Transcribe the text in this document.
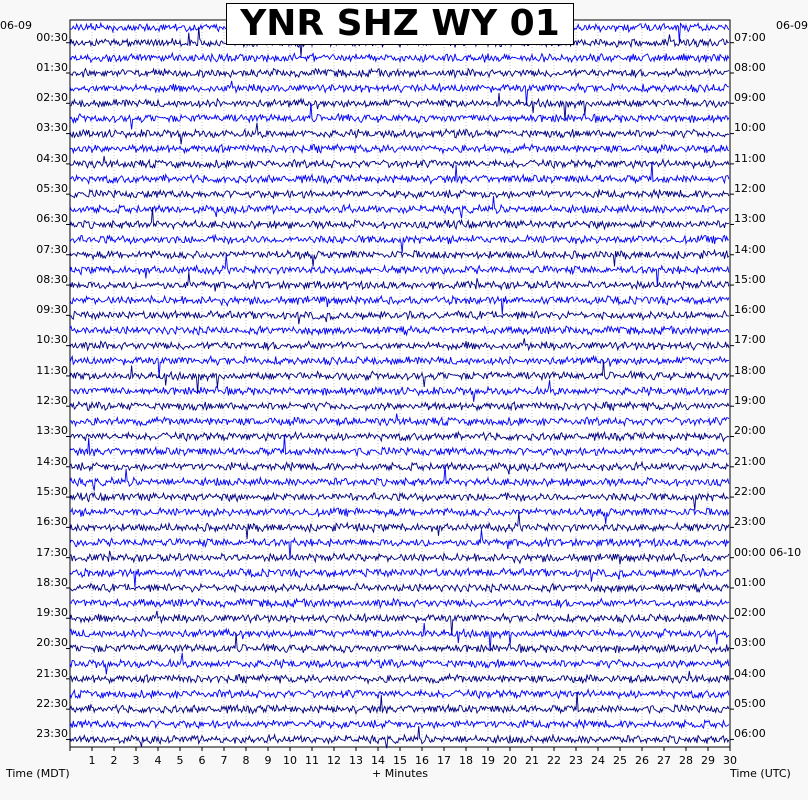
YNR SHZ WY 01
06-09	06-09
00:30
01:30
02:30
03:30
04:30
05:30
06:30
07:30
08:30
09:30
10:30
11:30
12:30
13:30
14:30
15:30
16:30
17:30
18:30
19:30
20:30
21:30
22:30
23:30
07:00
08:00
09:00
10:00
11:00
12:00
13:00
14:00
15:00
16:00
17:00
18:00
19:00
20:00
21:00
22:00
23:00
00:00 06-10
01:00
02:00
03:00
04:00
05:00
06:00
1	2	3	4	5	6	7	8	9	10 11 12 13 14 15 16 17 18 19 20 21 22 23 24 25 26 27 28 29 30
Time (MDT)	+ Minutes	Time (UTC)
